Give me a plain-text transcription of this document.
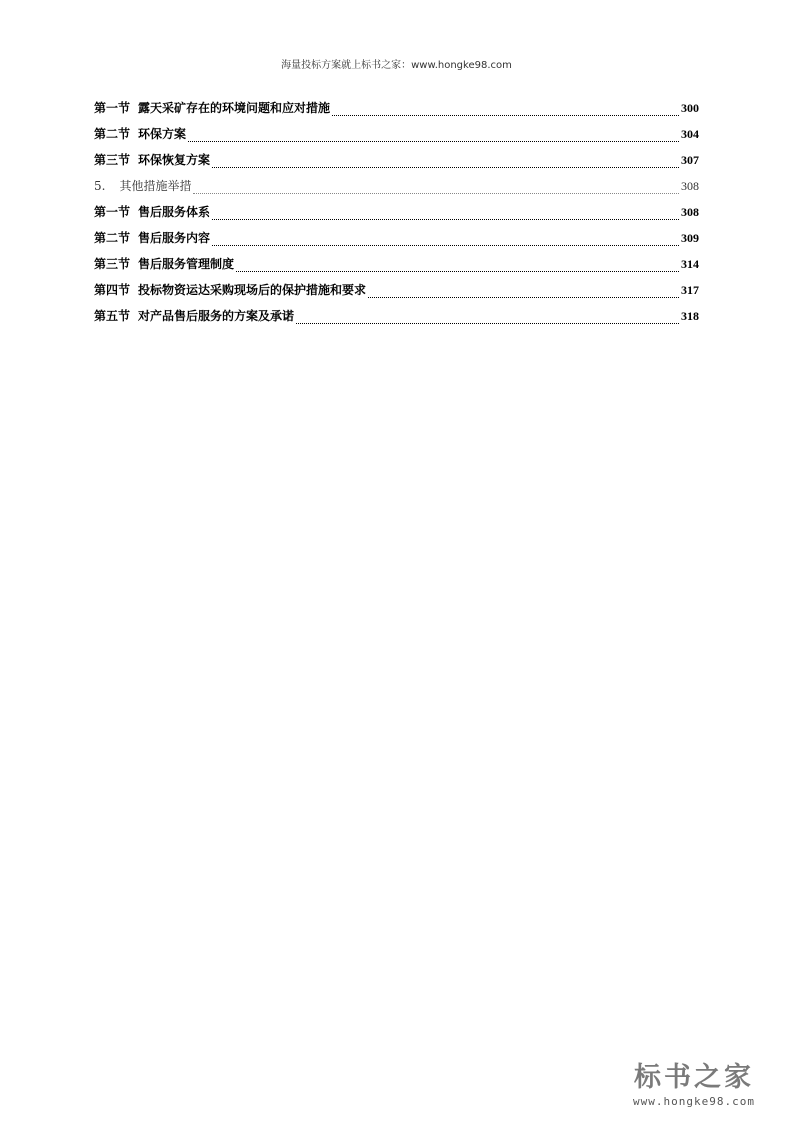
海量投标方案就上标书之家：www.hongke98.com
第一节 露天采矿存在的环境问题和应对措施	300
第二节 环保方案	304
第三节 环保恢复方案	307
5. 其他措施举措	308
第一节 售后服务体系	308
第二节 售后服务内容	309
第三节 售后服务管理制度	314
第四节 投标物资运达采购现场后的保护措施和要求	317
第五节 对产品售后服务的方案及承诺	318
标书之家
www.hongke98.com
